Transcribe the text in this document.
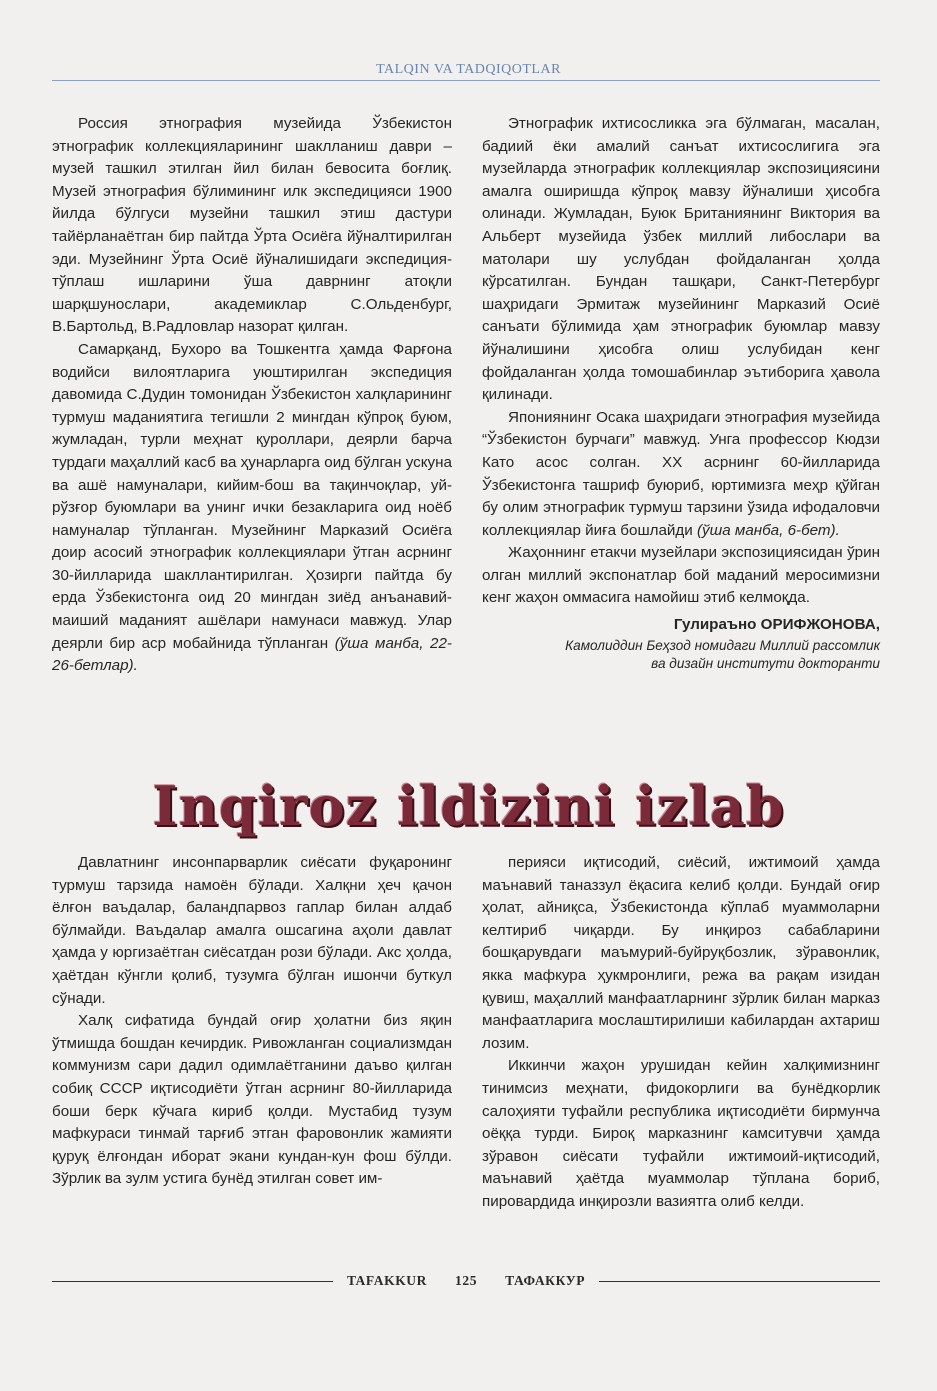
TALQIN VA TADQIQOTLAR

Россия этнография музейида Ўзбекистон этнографик коллекцияларининг шаклланиш даври – музей ташкил этилган йил билан бевосита боғлиқ. Музей этнография бўлимининг илк экспедицияси 1900 йилда бўлгуси музейни ташкил этиш дастури тайёрланаётган бир пайтда Ўрта Осиёга йўналтирилган эди. Музейнинг Ўрта Осиё йўналишидаги экспедиция-тўплаш ишларини ўша даврнинг атоқли шарқшунослари, академиклар С.Ольденбург, В.Бартольд, В.Радловлар назорат қилган.

Самарқанд, Бухоро ва Тошкентга ҳамда Фарғона водийси вилоятларига уюштирилган экспедиция давомида С.Дудин томонидан Ўзбекистон халқларининг турмуш маданиятига тегишли 2 мингдан кўпроқ буюм, жумладан, турли меҳнат қуроллари, деярли барча турдаги маҳаллий касб ва ҳунарларга оид бўлган ускуна ва ашё намуналари, кийим-бош ва тақинчоқлар, уй-рўзғор буюмлари ва унинг ички безакларига оид ноёб намуналар тўпланган. Музейнинг Марказий Осиёга доир асосий этнографик коллекциялари ўтган асрнинг 30-йилларида шакллантирилган. Ҳозирги пайтда бу ерда Ўзбекистонга оид 20 мингдан зиёд анъанавий-маиший маданият ашёлари намунаси мавжуд. Улар деярли бир аср мобайнида тўпланган (ўша манба, 22-26-бетлар).

Этнографик ихтисосликка эга бўлмаган, масалан, бадиий ёки амалий санъат ихтисослигига эга музейларда этнографик коллекциялар экспозициясини амалга оширишда кўпроқ мавзу йўналиши ҳисобга олинади. Жумладан, Буюк Британиянинг Виктория ва Альберт музейида ўзбек миллий либослари ва матолари шу услубдан фойдаланган ҳолда кўрсатилган. Бундан ташқари, Санкт-Петербург шаҳридаги Эрмитаж музейининг Марказий Осиё санъати бўлимида ҳам этнографик буюмлар мавзу йўналишини ҳисобга олиш услубидан кенг фойдаланган ҳолда томошабинлар эътиборига ҳавола қилинади.

Япониянинг Осака шаҳридаги этнография музейида “Ўзбекистон бурчаги” мавжуд. Унга профессор Кюдзи Като асос солган. XX асрнинг 60-йилларида Ўзбекистонга ташриф буюриб, юртимизга меҳр қўйган бу олим этнографик турмуш тарзини ўзида ифодаловчи коллекциялар йиға бошлайди (ўша манба, 6-бет).

Жаҳоннинг етакчи музейлари экспозициясидан ўрин олган миллий экспонатлар бой маданий меросимизни кенг жаҳон оммасига намойиш этиб келмоқда.

Гулираъно ОРИФЖОНОВА,
Камолиддин Беҳзод номидаги Миллий рассомлик
ва дизайн институти докторанти
Inqiroz ildizini izlab

Давлатнинг инсонпарварлик сиёсати фуқаронинг турмуш тарзида намоён бўлади. Халқни ҳеч қачон ёлғон ваъдалар, баландпарвоз гаплар билан алдаб бўлмайди. Ваъдалар амалга ошсагина аҳоли давлат ҳамда у юргизаётган сиёсатдан рози бўлади. Акс ҳолда, ҳаётдан кўнгли қолиб, тузумга бўлган ишончи буткул сўнади.

Халқ сифатида бундай оғир ҳолатни биз яқин ўтмишда бошдан кечирдик. Ривожланган социализмдан коммунизм сари дадил одимлаётганини даъво қилган собиқ СССР иқтисодиёти ўтган асрнинг 80-йилларида боши берк кўчага кириб қолди. Мустабид тузум мафкураси тинмай тарғиб этган фаровонлик жамияти қуруқ ёлғондан иборат экани кундан-кун фош бўлди. Зўрлик ва зулм устига бунёд этилган совет им-

перияси иқтисодий, сиёсий, ижтимоий ҳамда маънавий таназзул ёқасига келиб қолди. Бундай оғир ҳолат, айниқса, Ўзбекистонда кўплаб муаммоларни келтириб чиқарди. Бу инқироз сабабларини бошқарувдаги маъмурий-буйруқбозлик, зўравонлик, якка мафкура ҳукмронлиги, режа ва рақам изидан қувиш, маҳаллий манфаатларнинг зўрлик билан марказ манфаатларига мослаштирилиши кабилардан ахтариш лозим.

Иккинчи жаҳон урушидан кейин халқимизнинг тинимсиз меҳнати, фидокорлиги ва бунёдкорлик салоҳияти туфайли республика иқтисодиёти бирмунча оёққа турди. Бироқ марказнинг камситувчи ҳамда зўравон сиёсати туфайли ижтимоий-иқтисодий, маънавий ҳаётда муаммолар тўплана бориб, пировардида инқирозли вазиятга олиб келди.

TAFAKKUR	125	ТАФАККУР
